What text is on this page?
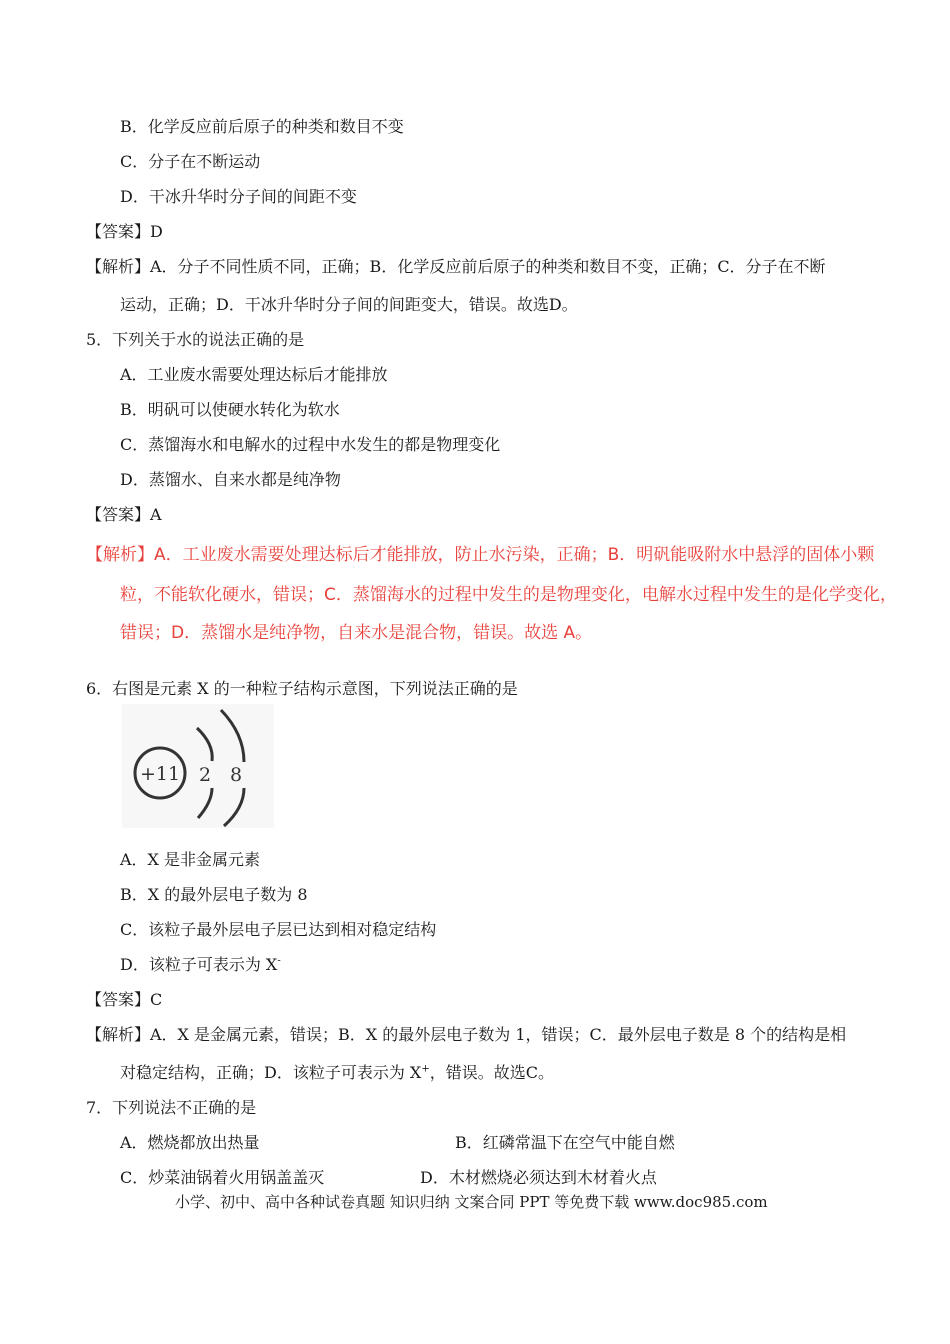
B．化学反应前后原子的种类和数目不变
C．分子在不断运动
D．干冰升华时分子间的间距不变
【答案】D
【解析】A．分子不同性质不同，正确；B．化学反应前后原子的种类和数目不变，正确；C．分子在不断
运动，正确；D．干冰升华时分子间的间距变大，错误。故选D。
5．下列关于水的说法正确的是
A．工业废水需要处理达标后才能排放
B．明矾可以使硬水转化为软水
C．蒸馏海水和电解水的过程中水发生的都是物理变化
D．蒸馏水、自来水都是纯净物
【答案】A
【解析】A．工业废水需要处理达标后才能排放，防止水污染，正确；B．明矾能吸附水中悬浮的固体小颗
粒，不能软化硬水，错误；C．蒸馏海水的过程中发生的是物理变化，电解水过程中发生的是化学变化，
错误；D．蒸馏水是纯净物，自来水是混合物，错误。故选 A。
6．右图是元素 X 的一种粒子结构示意图，下列说法正确的是
+11 2 8
A．X 是非金属元素
B．X 的最外层电子数为 8
C．该粒子最外层电子层已达到相对稳定结构
D．该粒子可表示为 X-
【答案】C
【解析】A．X 是金属元素，错误；B．X 的最外层电子数为 1，错误；C．最外层电子数是 8 个的结构是相
对稳定结构，正确；D．该粒子可表示为 X+，错误。故选C。
7．下列说法不正确的是
A．燃烧都放出热量	B．红磷常温下在空气中能自燃
C．炒菜油锅着火用锅盖盖灭	D．木材燃烧必须达到木材着火点
小学、初中、高中各种试卷真题 知识归纳 文案合同 PPT 等免费下载 www.doc985.com
